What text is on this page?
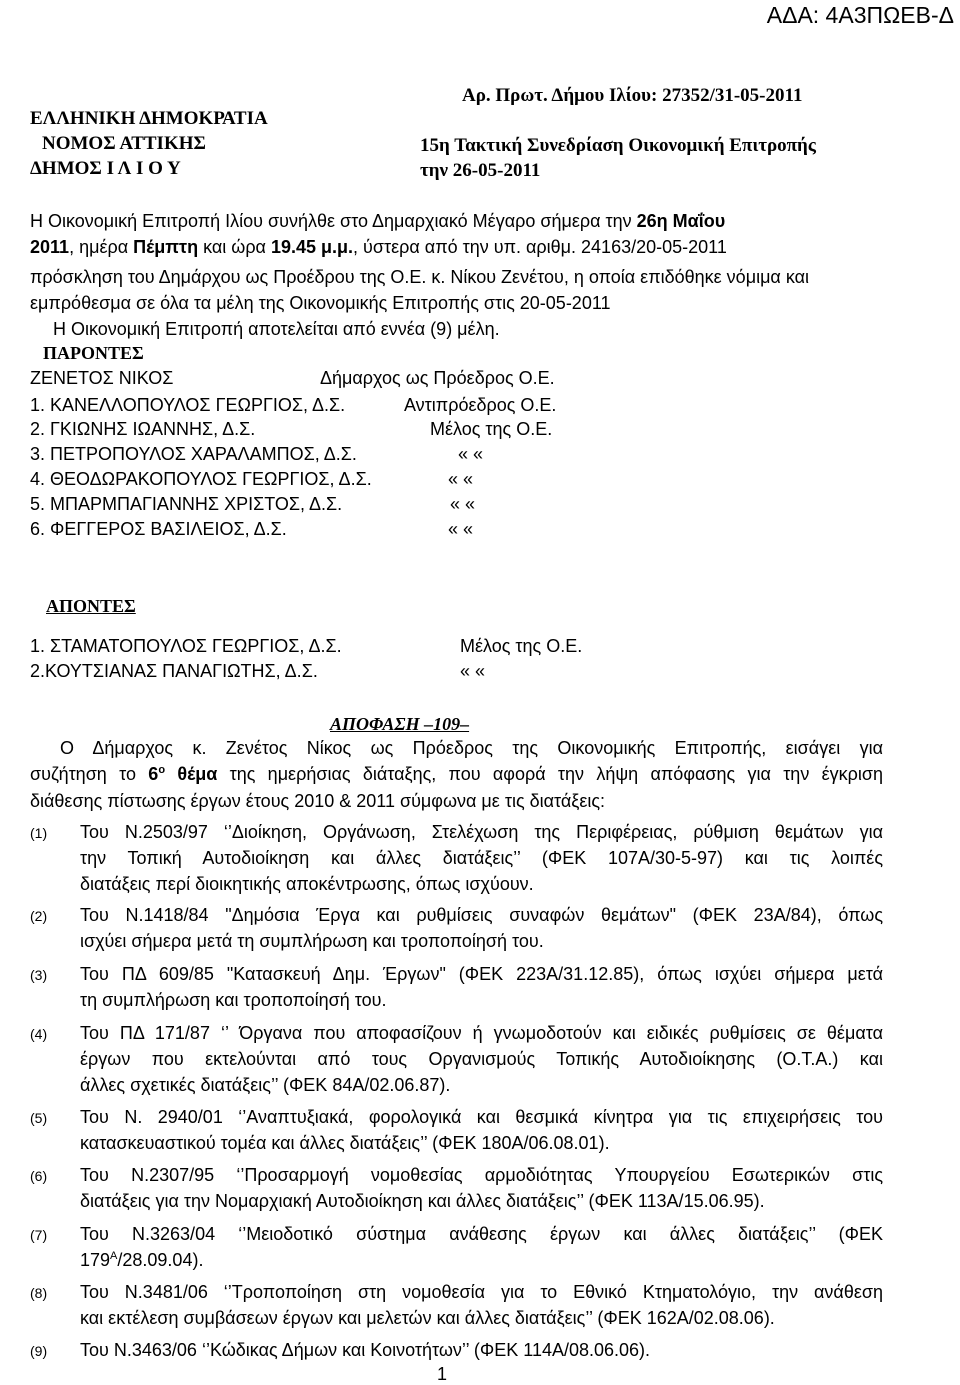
ΑΔΑ: 4Α3ΠΩΕΒ-Δ
ΕΛΛΗΝΙΚΗ ΔΗΜΟΚΡΑΤΙΑ
ΝΟΜΟΣ ΑΤΤΙΚΗΣ
ΔΗΜΟΣ Ι Λ Ι Ο Υ
Αρ. Πρωτ. Δήμου Ιλίου: 27352/31-05-2011
15η Τακτική Συνεδρίαση Οικονομική Επιτροπής
την 26-05-2011
Η Οικονομική Επιτροπή Ιλίου συνήλθε στο Δημαρχιακό Μέγαρο σήμερα την 26η Μαΐου
2011, ημέρα Πέμπτη και ώρα 19.45 μ.μ., ύστερα από την υπ. αριθμ. 24163/20-05-2011
πρόσκληση του Δημάρχου ως Προέδρου της Ο.Ε. κ. Νίκου Ζενέτου, η οποία επιδόθηκε νόμιμα και
εμπρόθεσμα σε όλα τα μέλη της Οικονομικής Επιτροπής στις 20-05-2011
Η Οικονομική Επιτροπή αποτελείται από εννέα (9) μέλη.
ΠΑΡΟΝΤΕΣ
ΖΕΝΕΤΟΣ ΝΙΚΟΣ	Δήμαρχος ως Πρόεδρος Ο.Ε.
1. ΚΑΝΕΛΛΟΠΟΥΛΟΣ ΓΕΩΡΓΙΟΣ, Δ.Σ.	Αντιπρόεδρος Ο.Ε.
2. ΓΚΙΩΝΗΣ ΙΩΑΝΝΗΣ, Δ.Σ.	Μέλος της Ο.Ε.
3. ΠΕΤΡΟΠΟΥΛΟΣ ΧΑΡΑΛΑΜΠΟΣ, Δ.Σ.	« «
4. ΘΕΟΔΩΡΑΚΟΠΟΥΛΟΣ ΓΕΩΡΓΙΟΣ, Δ.Σ.	« «
5. ΜΠΑΡΜΠΑΓΙΑΝΝΗΣ ΧΡΙΣΤΟΣ, Δ.Σ.	« «
6. ΦΕΓΓΕΡΟΣ ΒΑΣΙΛΕΙΟΣ, Δ.Σ.	« «
ΑΠΟΝΤΕΣ
1. ΣΤΑΜΑΤΟΠΟΥΛΟΣ ΓΕΩΡΓΙΟΣ, Δ.Σ.	Μέλος της Ο.Ε.
2.ΚΟΥΤΣΙΑΝΑΣ ΠΑΝΑΓΙΩΤΗΣ, Δ.Σ.	« «
ΑΠΟΦΑΣΗ –109–
Ο Δήμαρχος κ. Ζενέτος Νίκος ως Πρόεδρος της Οικονομικής Επιτροπής, εισάγει για
συζήτηση το $6^o$ θέμα της ημερήσιας διάταξης, που αφορά την λήψη απόφασης για την έγκριση
διάθεσης πίστωσης έργων έτους 2010 & 2011 σύμφωνα με τις διατάξεις:
(1) Του Ν.2503/97 ‘’Διοίκηση, Οργάνωση, Στελέχωση της Περιφέρειας, ρύθμιση θεμάτων για
την Τοπική Αυτοδιοίκηση και άλλες διατάξεις’’ (ΦΕΚ 107Α/30-5-97) και τις λοιπές
διατάξεις περί διοικητικής αποκέντρωσης, όπως ισχύουν.
(2) Του Ν.1418/84 "Δημόσια Έργα και ρυθμίσεις συναφών θεμάτων" (ΦΕΚ 23Α/84), όπως
ισχύει σήμερα μετά τη συμπλήρωση και τροποποίησή του.
(3) Του ΠΔ 609/85 "Κατασκευή Δημ. Έργων" (ΦΕΚ 223Α/31.12.85), όπως ισχύει σήμερα μετά
τη συμπλήρωση και τροποποίησή του.
(4) Του ΠΔ 171/87 ‘’ Όργανα που αποφασίζουν ή γνωμοδοτούν και ειδικές ρυθμίσεις σε θέματα
έργων που εκτελούνται από τους Οργανισμούς Τοπικής Αυτοδιοίκησης (Ο.Τ.Α.) και
άλλες σχετικές διατάξεις’’ (ΦΕΚ 84Α/02.06.87).
(5) Του Ν. 2940/01 ‘’Αναπτυξιακά, φορολογικά και θεσμικά κίνητρα για τις επιχειρήσεις του
κατασκευαστικού τομέα και άλλες διατάξεις’’ (ΦΕΚ 180Α/06.08.01).
(6) Του Ν.2307/95 ‘’Προσαρμογή νομοθεσίας αρμοδιότητας Υπουργείου Εσωτερικών στις
διατάξεις για την Νομαρχιακή Αυτοδιοίκηση και άλλες διατάξεις’’ (ΦΕΚ 113Α/15.06.95).
(7) Του Ν.3263/04 ‘’Μειοδοτικό σύστημα ανάθεσης έργων και άλλες διατάξεις’’ (ΦΕΚ
$179^A/28.09.04$).
(8) Του Ν.3481/06 ‘’Τροποποίηση στη νομοθεσία για το Εθνικό Κτηματολόγιο, την ανάθεση
και εκτέλεση συμβάσεων έργων και μελετών και άλλες διατάξεις’’ (ΦΕΚ 162Α/02.08.06).
(9) Του Ν.3463/06 ‘’Κώδικας Δήμων και Κοινοτήτων’’ (ΦΕΚ 114Α/08.06.06).
1
